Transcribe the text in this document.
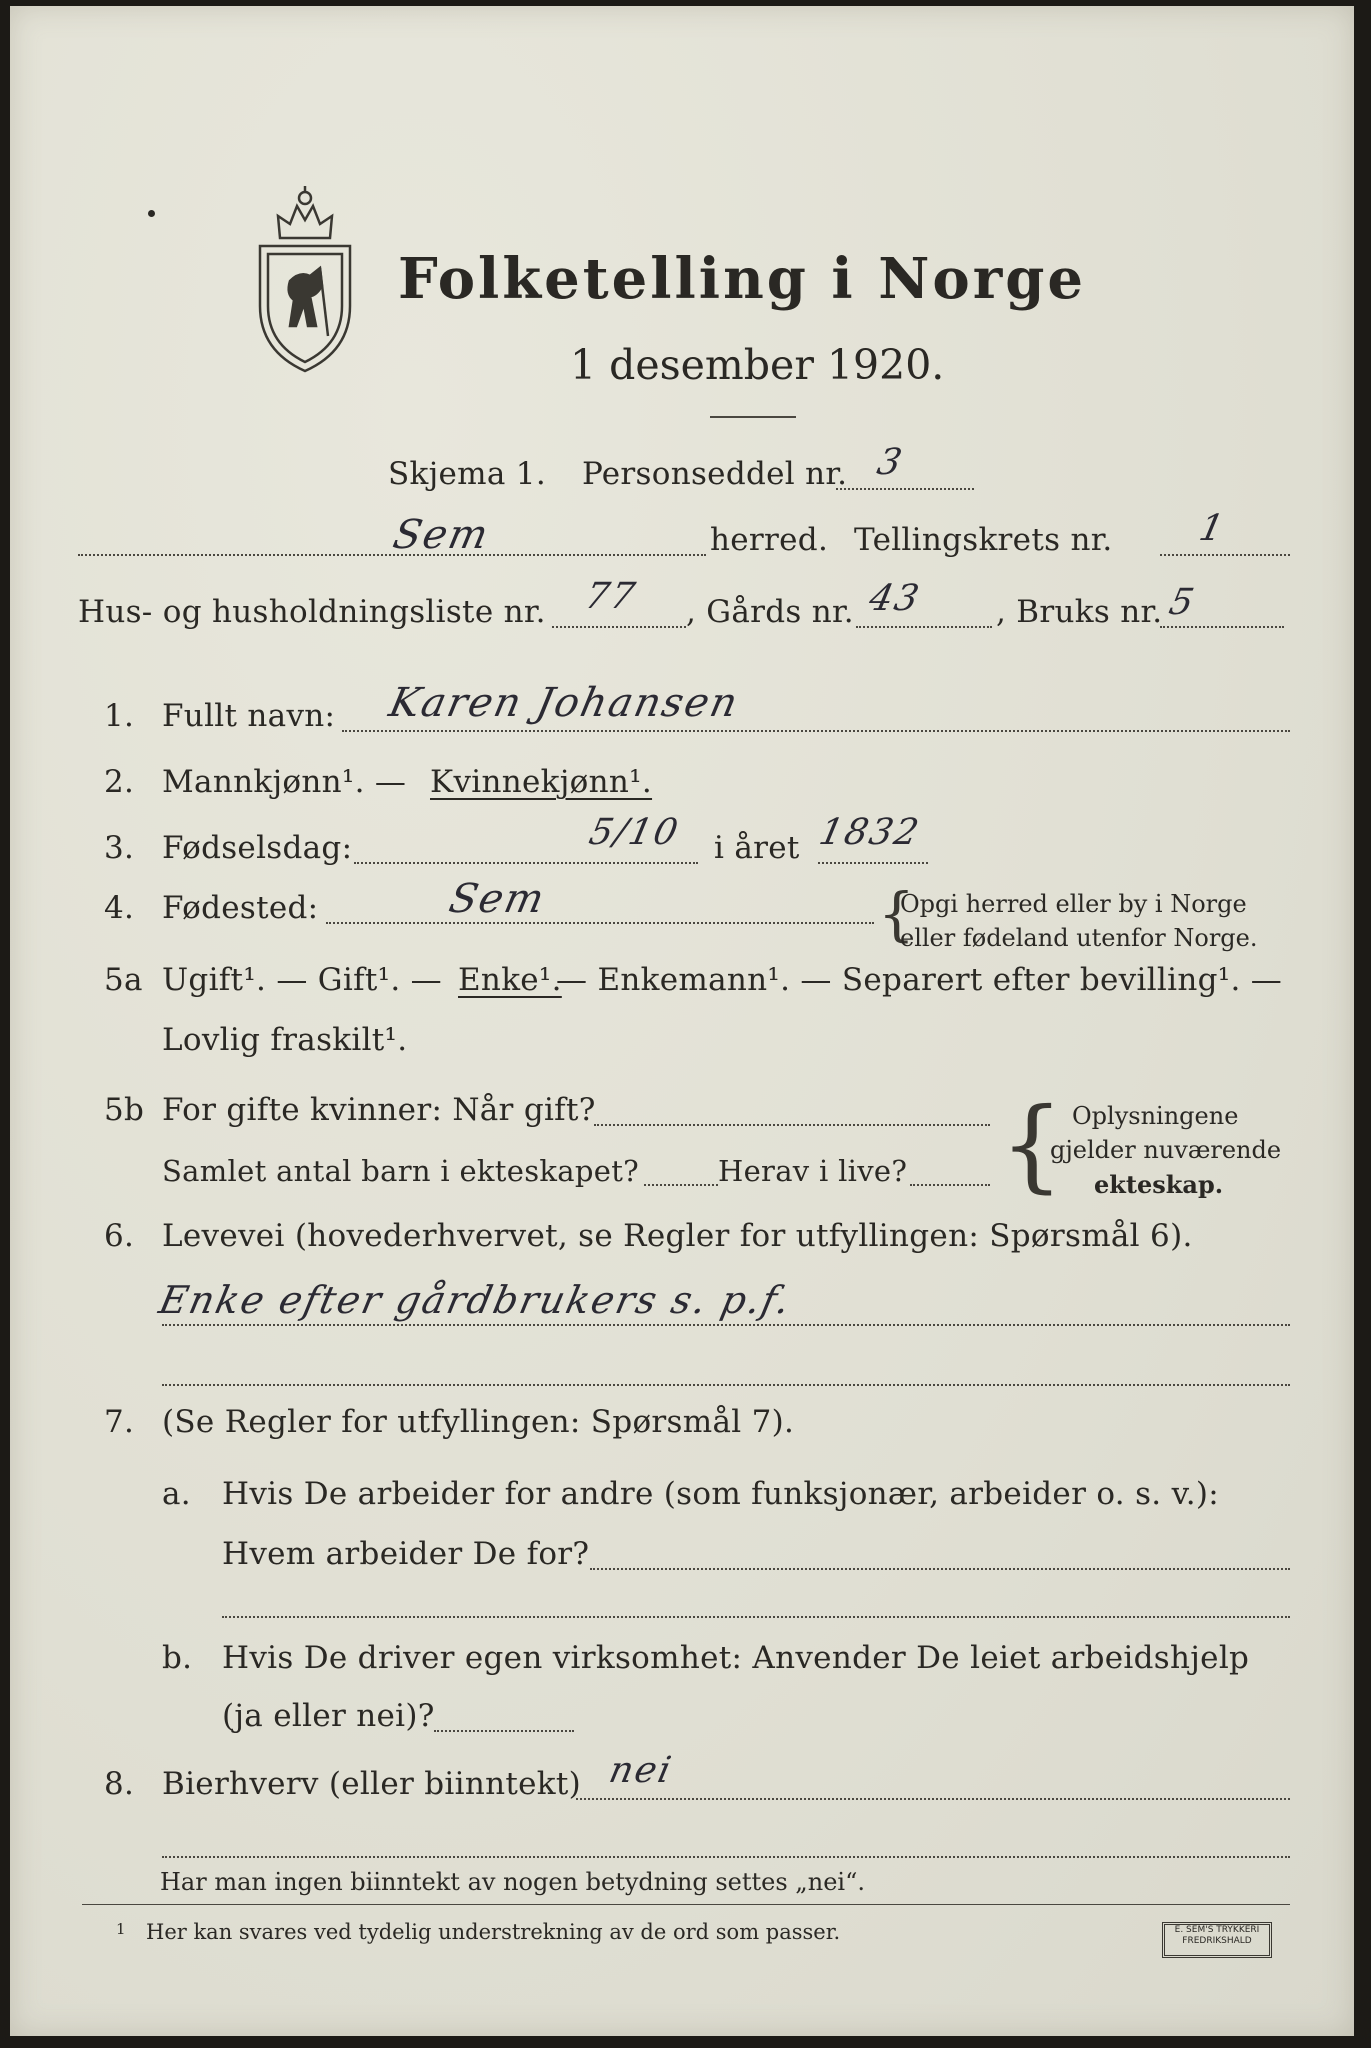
Folketelling i Norge
1 desember 1920.
Skjema 1. Personseddel nr. 3
Sem	herred. Tellingskrets nr. 1
Hus- og husholdningsliste nr. 77 , Gårds nr. 43 , Bruks nr. 5
1. Fullt navn: Karen Johansen
2. Mannkjønn¹. — Kvinnekjønn¹.
3. Fødselsdag:	5/10 i året 1832
4. Fødested:	Sem	{
Opgi herred eller by i Norge
eller fødeland utenfor Norge.
5a Ugift¹. — Gift¹. — Enke¹.
— Enkemann¹. — Separert efter bevilling¹. —
Lovlig fraskilt¹.
5b For gifte kvinner: Når gift?
Samlet antal barn i ekteskapet?	Herav i live? { Oplysningene
gjelder nuværende
ekteskap.
6. Levevei (hovederhvervet, se Regler for utfyllingen: Spørsmål 6).
Enke efter gårdbrukers s. p.f.
7. (Se Regler for utfyllingen: Spørsmål 7).
a. Hvis De arbeider for andre (som funksjonær, arbeider o. s. v.):
Hvem arbeider De for?
b. Hvis De driver egen virksomhet: Anvender De leiet arbeidshjelp
(ja eller nei)?
8. Bierhverv (eller biinntekt) nei
Har man ingen biinntekt av nogen betydning settes „nei“.
1 Her kan svares ved tydelig understrekning av de ord som passer.	E. SEM'S TRYKKERI FREDRIKSHALD
